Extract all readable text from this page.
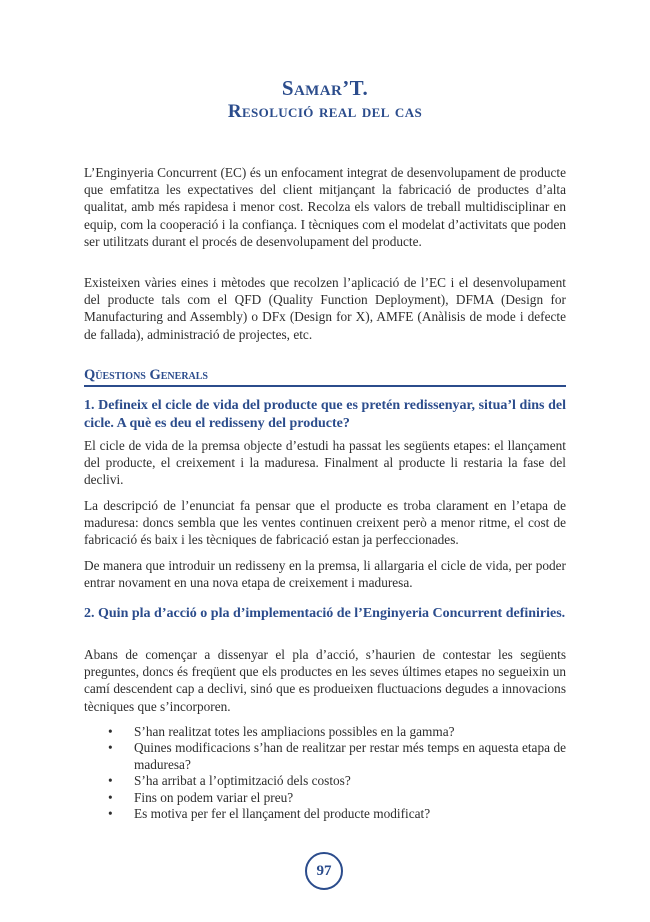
Samar’T.
Resolució real del cas

L’Enginyeria Concurrent (EC) és un enfocament integrat de desenvolupament de producte que emfatitza les expectatives del client mitjançant la fabricació de productes d’alta qualitat, amb més rapidesa i menor cost. Recolza els valors de treball multidisciplinar en equip, com la cooperació i la confiança. I tècniques com el modelat d’activitats que poden ser utilitzats durant el procés de desenvolupament del producte.

Existeixen vàries eines i mètodes que recolzen l’aplicació de l’EC i el desenvolupament del producte tals com el QFD (Quality Function Deployment), DFMA (Design for Manufacturing and Assembly) o DFx (Design for X), AMFE (Anàlisis de mode i defecte de fallada), administració de projectes, etc.

Qüestions Generals

1. Defineix el cicle de vida del producte que es pretén redissenyar, situa’l dins del cicle. A què es deu el redisseny del producte?

El cicle de vida de la premsa objecte d’estudi ha passat les següents etapes: el llançament del producte, el creixement i la maduresa. Finalment al producte li restaria la fase del declivi.

La descripció de l’enunciat fa pensar que el producte es troba clarament en l’etapa de maduresa: doncs sembla que les ventes continuen creixent però a menor ritme, el cost de fabricació és baix i les tècniques de fabricació estan ja perfeccionades.

De manera que introduir un redisseny en la premsa, li allargaria el cicle de vida, per poder entrar novament en una nova etapa de creixement i maduresa.

2. Quin pla d’acció o pla d’implementació de l’Enginyeria Concurrent definiries.

Abans de començar a dissenyar el pla d’acció, s’haurien de contestar les següents preguntes, doncs és freqüent que els productes en les seves últimes etapes no segueixin un camí descendent cap a declivi, sinó que es produeixen fluctuacions degudes a innovacions tècniques que s’incorporen.

• S’han realitzat totes les ampliacions possibles en la gamma?
• Quines modificacions s’han de realitzar per restar més temps en aquesta etapa de maduresa?
• S’ha arribat a l’optimització dels costos?
• Fins on podem variar el preu?
• Es motiva per fer el llançament del producte modificat?
97
